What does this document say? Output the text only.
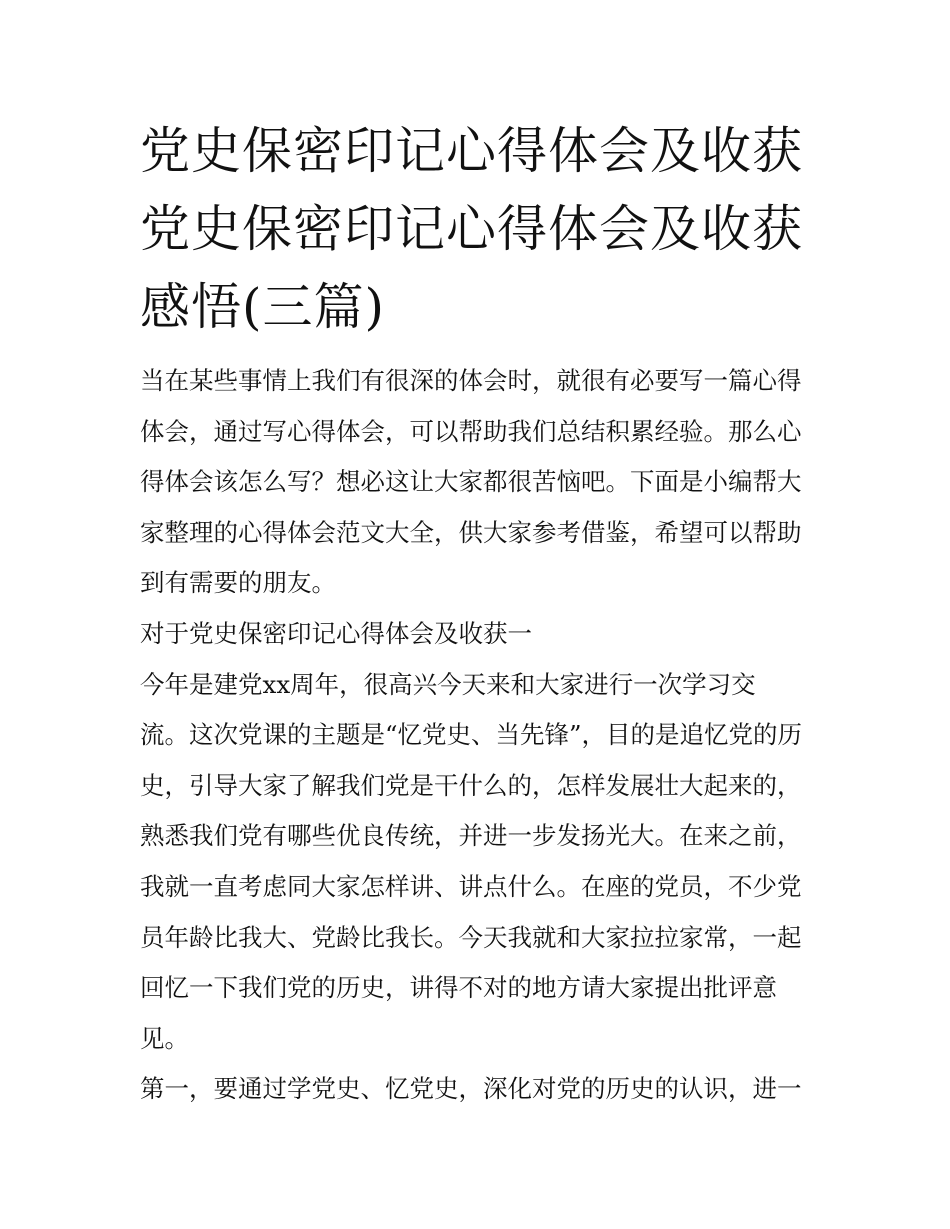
党史保密印记心得体会及收获
党史保密印记心得体会及收获
感悟(三篇)
当在某些事情上我们有很深的体会时，就很有必要写一篇心得
体会，通过写心得体会，可以帮助我们总结积累经验。那么心
得体会该怎么写？想必这让大家都很苦恼吧。下面是小编帮大
家整理的心得体会范文大全，供大家参考借鉴，希望可以帮助
到有需要的朋友。
对于党史保密印记心得体会及收获一
今年是建党xx周年，很高兴今天来和大家进行一次学习交
流。这次党课的主题是“忆党史、当先锋”，目的是追忆党的历
史，引导大家了解我们党是干什么的，怎样发展壮大起来的，
熟悉我们党有哪些优良传统，并进一步发扬光大。在来之前，
我就一直考虑同大家怎样讲、讲点什么。在座的党员，不少党
员年龄比我大、党龄比我长。今天我就和大家拉拉家常，一起
回忆一下我们党的历史，讲得不对的地方请大家提出批评意
见。
第一，要通过学党史、忆党史，深化对党的历史的认识，进一
